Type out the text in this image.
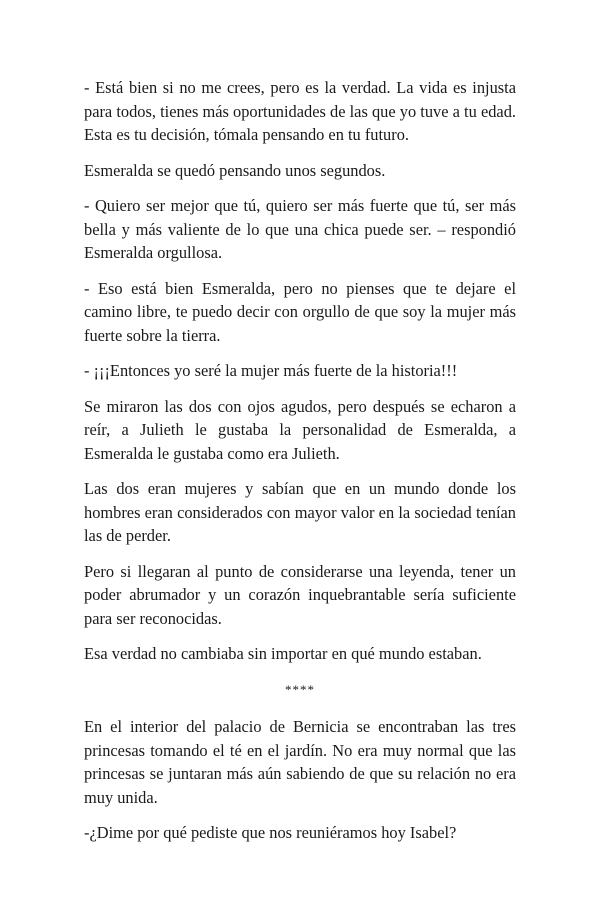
- Está bien si no me crees, pero es la verdad. La vida es injusta para todos, tienes más oportunidades de las que yo tuve a tu edad. Esta es tu decisión, tómala pensando en tu futuro.

Esmeralda se quedó pensando unos segundos.

- Quiero ser mejor que tú, quiero ser más fuerte que tú, ser más bella y más valiente de lo que una chica puede ser. – respondió Esmeralda orgullosa.

- Eso está bien Esmeralda, pero no pienses que te dejare el camino libre, te puedo decir con orgullo de que soy la mujer más fuerte sobre la tierra.

- ¡¡¡Entonces yo seré la mujer más fuerte de la historia!!!

Se miraron las dos con ojos agudos, pero después se echaron a reír, a Julieth le gustaba la personalidad de Esmeralda, a Esmeralda le gustaba como era Julieth.

Las dos eran mujeres y sabían que en un mundo donde los hombres eran considerados con mayor valor en la sociedad tenían las de perder.

Pero si llegaran al punto de considerarse una leyenda, tener un poder abrumador y un corazón inquebrantable sería suficiente para ser reconocidas.

Esa verdad no cambiaba sin importar en qué mundo estaban.

****

En el interior del palacio de Bernicia se encontraban las tres princesas tomando el té en el jardín. No era muy normal que las princesas se juntaran más aún sabiendo de que su relación no era muy unida.

-¿Dime por qué pediste que nos reuniéramos hoy Isabel?
